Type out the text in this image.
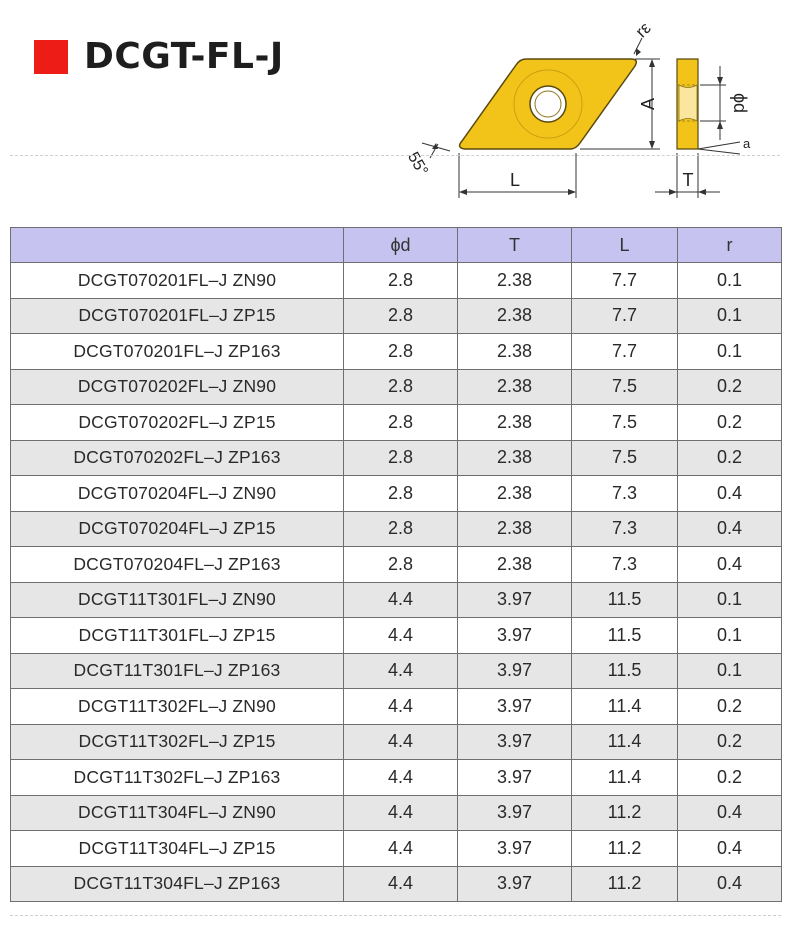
DCGT-FL-J
A
L
rε
55°
ϕd
a
T
	ϕd	T	L	r
DCGT070201FL–J ZN90	2.8	2.38	7.7	0.1
DCGT070201FL–J ZP15	2.8	2.38	7.7	0.1
DCGT070201FL–J ZP163	2.8	2.38	7.7	0.1
DCGT070202FL–J ZN90	2.8	2.38	7.5	0.2
DCGT070202FL–J ZP15	2.8	2.38	7.5	0.2
DCGT070202FL–J ZP163	2.8	2.38	7.5	0.2
DCGT070204FL–J ZN90	2.8	2.38	7.3	0.4
DCGT070204FL–J ZP15	2.8	2.38	7.3	0.4
DCGT070204FL–J ZP163	2.8	2.38	7.3	0.4
DCGT11T301FL–J ZN90	4.4	3.97	11.5	0.1
DCGT11T301FL–J ZP15	4.4	3.97	11.5	0.1
DCGT11T301FL–J ZP163	4.4	3.97	11.5	0.1
DCGT11T302FL–J ZN90	4.4	3.97	11.4	0.2
DCGT11T302FL–J ZP15	4.4	3.97	11.4	0.2
DCGT11T302FL–J ZP163	4.4	3.97	11.4	0.2
DCGT11T304FL–J ZN90	4.4	3.97	11.2	0.4
DCGT11T304FL–J ZP15	4.4	3.97	11.2	0.4
DCGT11T304FL–J ZP163	4.4	3.97	11.2	0.4
